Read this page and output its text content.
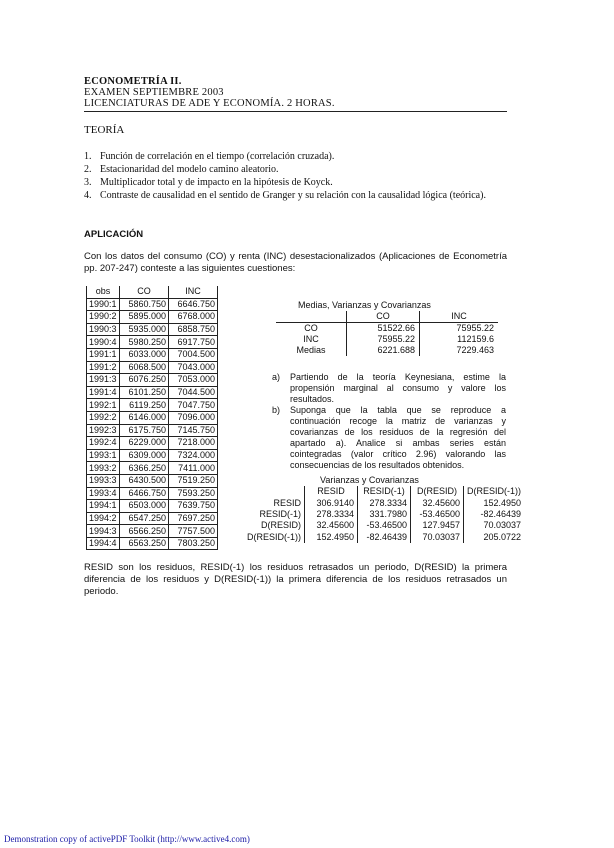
ECONOMETRÍA II.
EXAMEN SEPTIEMBRE 2003
LICENCIATURAS DE ADE Y ECONOMÍA. 2 HORAS.
TEORÍA
1. Función de correlación en el tiempo (correlación cruzada).
2. Estacionaridad del modelo camino aleatorio.
3. Multiplicador total y de impacto en la hipótesis de Koyck.
4. Contraste de causalidad en el sentido de Granger y su relación con la causalidad lógica (teórica).
APLICACIÓN
Con los datos del consumo (CO) y renta (INC) desestacionalizados (Aplicaciones de Econometría pp. 207-247) conteste a las siguientes cuestiones:
obs	CO	INC
1990:1	5860.750	6646.750
1990:2	5895.000	6768.000
1990:3	5935.000	6858.750
1990:4	5980.250	6917.750
1991:1	6033.000	7004.500
1991:2	6068.500	7043.000
1991:3	6076.250	7053.000
1991:4	6101.250	7044.500
1992:1	6119.250	7047.750
1992:2	6146.000	7096.000
1992:3	6175.750	7145.750
1992:4	6229.000	7218.000
1993:1	6309.000	7324.000
1993:2	6366.250	7411.000
1993:3	6430.500	7519.250
1993:4	6466.750	7593.250
1994:1	6503.000	7639.750
1994:2	6547.250	7697.250
1994:3	6566.250	7757.500
1994:4	6563.250	7803.250
Medias, Varianzas y Covarianzas
	CO	INC
CO	51522.66	75955.22
INC	75955.22	112159.6
Medias	6221.688	7229.463
a)	Partiendo de la teoría Keynesiana, estime la propensión marginal al consumo y valore los resultados.
b)	Suponga que la tabla que se reproduce a continuación recoge la matriz de varianzas y covarianzas de los residuos de la regresión del apartado a). Analice si ambas series están cointegradas (valor crítico 2.96) valorando las consecuencias de los resultados obtenidos.
Varianzas y Covarianzas
	RESID	RESID(-1)	D(RESID)	D(RESID(-1))
RESID	306.9140	278.3334	32.45600	152.4950
RESID(-1)	278.3334	331.7980	-53.46500	-82.46439
D(RESID)	32.45600	-53.46500	127.9457	70.03037
D(RESID(-1))	152.4950	-82.46439	70.03037	205.0722
RESID son los residuos, RESID(-1) los residuos retrasados un periodo, D(RESID) la primera diferencia de los residuos y D(RESID(-1)) la primera diferencia de los residuos retrasados un periodo.
Demonstration copy of activePDF Toolkit (http://www.active4.com)
